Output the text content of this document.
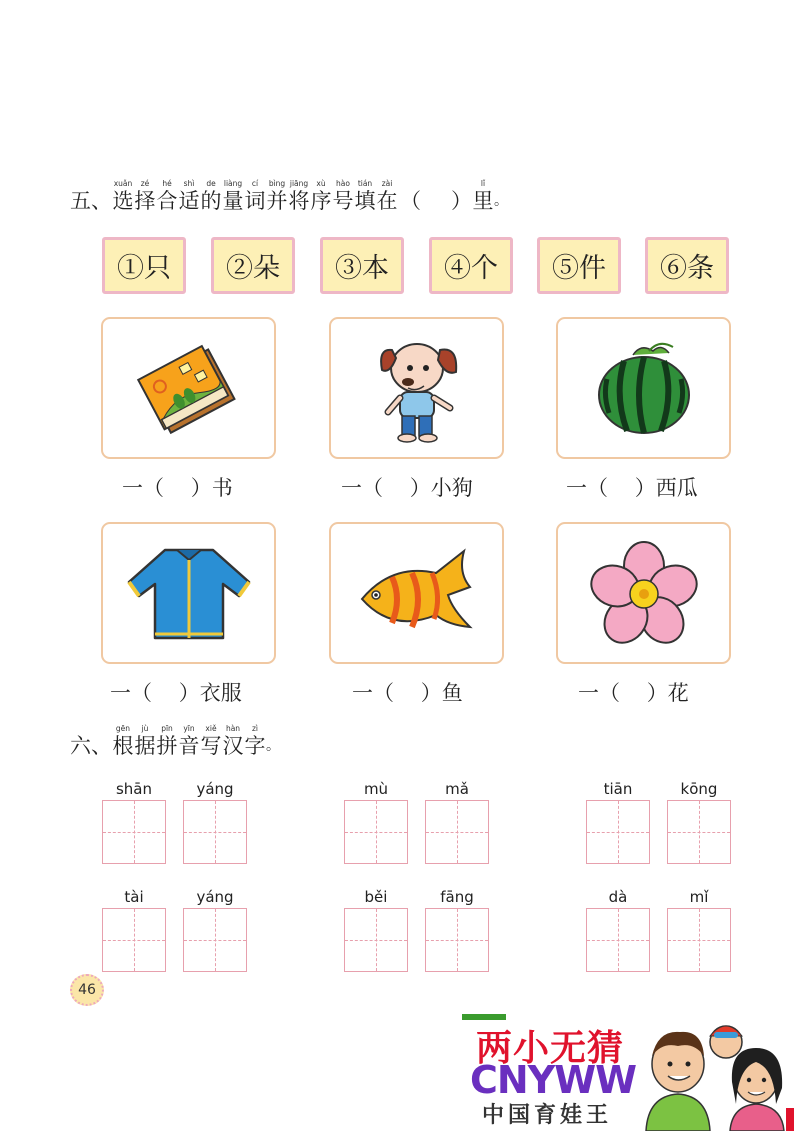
五、
xuǎn
选
zé
择
hé
合
shì
适
de
的
liàng
量
cí
词
bìng
并
jiāng
将
xù
序
hào
号
tián
填
zài
在 （ ）
lǐ
里 。
①只 ②朵 ③本 ④个 ⑤件 ⑥条
一（    ）书	一（    ）小狗	一（    ）西瓜
一（    ）衣服	一（    ）鱼	一（    ）花
六、
gēn
根
jù
据
pīn
拼
yīn
音
xiě
写
hàn
汉
zì
字 。
shān	yáng	mù	mǎ	tiān	kōng
tài	yáng	běi	fāng	dà	mǐ
46
两小无猜
CNYWW
中国育娃王
